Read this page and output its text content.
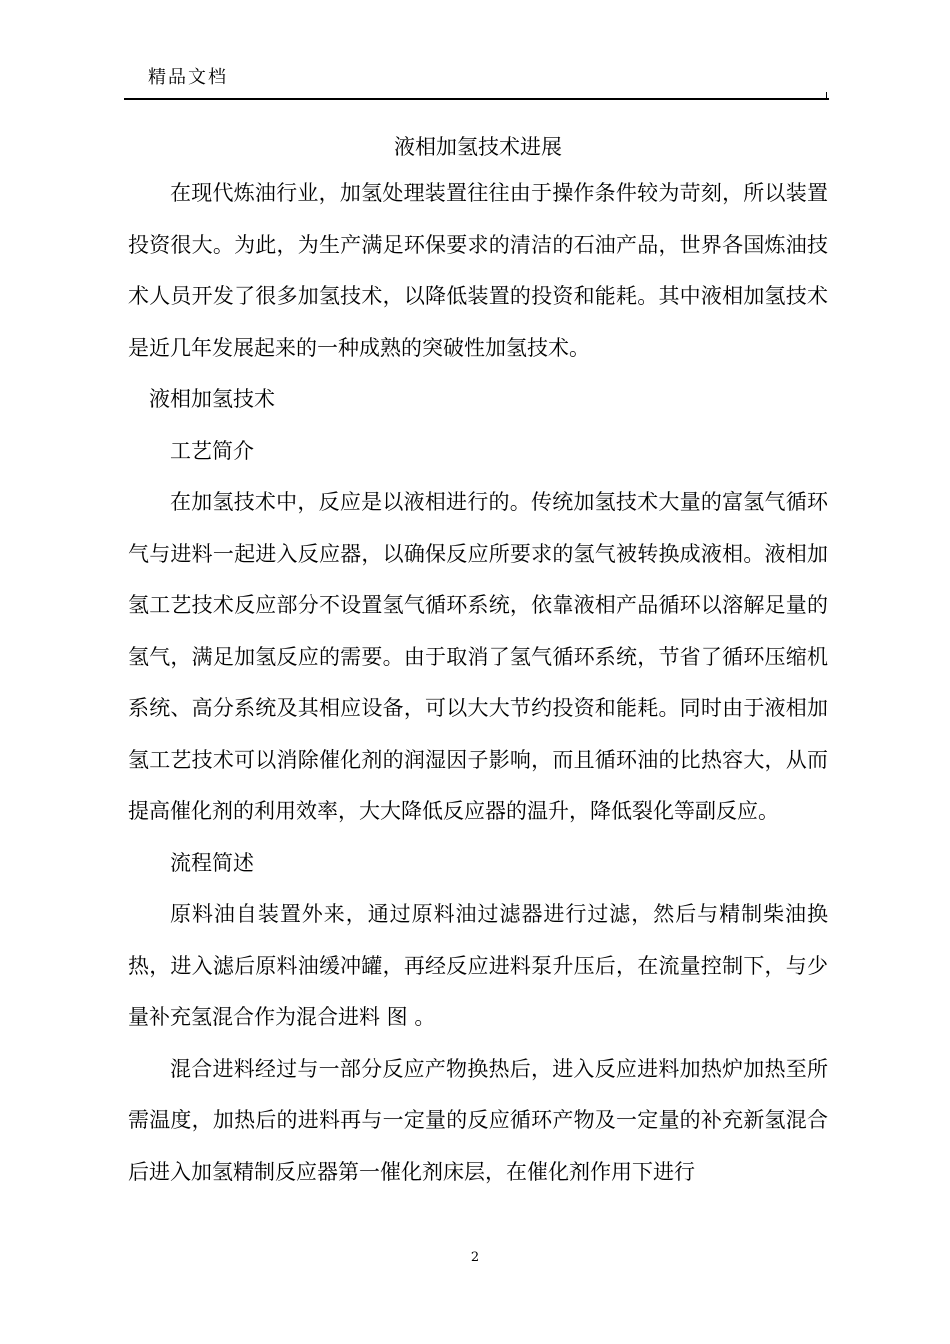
精品文档
液相加氢技术进展

在现代炼油行业，加氢处理装置往往由于操作条件较为苛刻，所以装置投资很大。为此，为生产满足环保要求的清洁的石油产品，世界各国炼油技术人员开发了很多加氢技术，以降低装置的投资和能耗。其中液相加氢技术是近几年发展起来的一种成熟的突破性加氢技术。

液相加氢技术

工艺简介

在加氢技术中，反应是以液相进行的。传统加氢技术大量的富氢气循环气与进料一起进入反应器，以确保反应所要求的氢气被转换成液相。液相加氢工艺技术反应部分不设置氢气循环系统，依靠液相产品循环以溶解足量的氢气，满足加氢反应的需要。由于取消了氢气循环系统，节省了循环压缩机系统、高分系统及其相应设备，可以大大节约投资和能耗。同时由于液相加氢工艺技术可以消除催化剂的润湿因子影响，而且循环油的比热容大，从而提高催化剂的利用效率，大大降低反应器的温升，降低裂化等副反应。

流程简述

原料油自装置外来，通过原料油过滤器进行过滤，然后与精制柴油换热，进入滤后原料油缓冲罐，再经反应进料泵升压后，在流量控制下，与少量补充氢混合作为混合进料 图 。

混合进料经过与一部分反应产物换热后，进入反应进料加热炉加热至所需温度，加热后的进料再与一定量的反应循环产物及一定量的补充新氢混合后进入加氢精制反应器第一催化剂床层，在催化剂作用下进行

2
